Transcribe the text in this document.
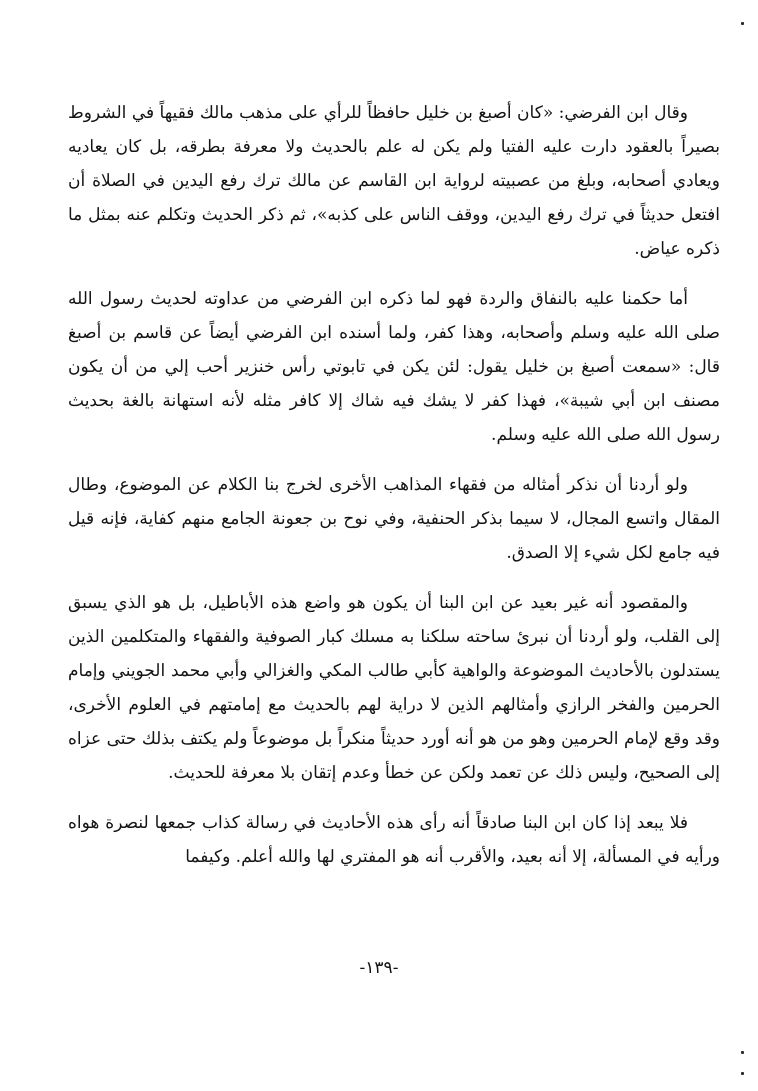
وقال ابن الفرضي: «كان أصبغ بن خليل حافظاً للرأي على مذهب مالك فقيهاً في الشروط بصيراً بالعقود دارت عليه الفتيا ولم يكن له علم بالحديث ولا معرفة بطرقه، بل كان يعاديه ويعادي أصحابه، وبلغ من عصبيته لرواية ابن القاسم عن مالك ترك رفع اليدين في الصلاة أن افتعل حديثاً في ترك رفع اليدين، ووقف الناس على كذبه»، ثم ذكر الحديث وتكلم عنه بمثل ما ذكره عياض.

أما حكمنا عليه بالنفاق والردة فهو لما ذكره ابن الفرضي من عداوته لحديث رسول الله صلى الله عليه وسلم وأصحابه، وهذا كفر، ولما أسنده ابن الفرضي أيضاً عن قاسم بن أصبغ قال: «سمعت أصبغ بن خليل يقول: لئن يكن في تابوتي رأس خنزير أحب إلي من أن يكون مصنف ابن أبي شيبة»، فهذا كفر لا يشك فيه شاك إلا كافر مثله لأنه استهانة بالغة بحديث رسول الله صلى الله عليه وسلم.

ولو أردنا أن نذكر أمثاله من فقهاء المذاهب الأخرى لخرج بنا الكلام عن الموضوع، وطال المقال واتسع المجال، لا سيما بذكر الحنفية، وفي نوح بن جعونة الجامع منهم كفاية، فإنه قيل فيه جامع لكل شيء إلا الصدق.

والمقصود أنه غير بعيد عن ابن البنا أن يكون هو واضع هذه الأباطيل، بل هو الذي يسبق إلى القلب، ولو أردنا أن نبرئ ساحته سلكنا به مسلك كبار الصوفية والفقهاء والمتكلمين الذين يستدلون بالأحاديث الموضوعة والواهية كأبي طالب المكي والغزالي وأبي محمد الجويني وإمام الحرمين والفخر الرازي وأمثالهم الذين لا دراية لهم بالحديث مع إمامتهم في العلوم الأخرى، وقد وقع لإمام الحرمين وهو من هو أنه أورد حديثاً منكراً بل موضوعاً ولم يكتف بذلك حتى عزاه إلى الصحيح، وليس ذلك عن تعمد ولكن عن خطأ وعدم إتقان بلا معرفة للحديث.

فلا يبعد إذا كان ابن البنا صادقاً أنه رأى هذه الأحاديث في رسالة كذاب جمعها لنصرة هواه ورأيه في المسألة، إلا أنه بعيد، والأقرب أنه هو المفتري لها والله أعلم. وكيفما

-١٣٩-
